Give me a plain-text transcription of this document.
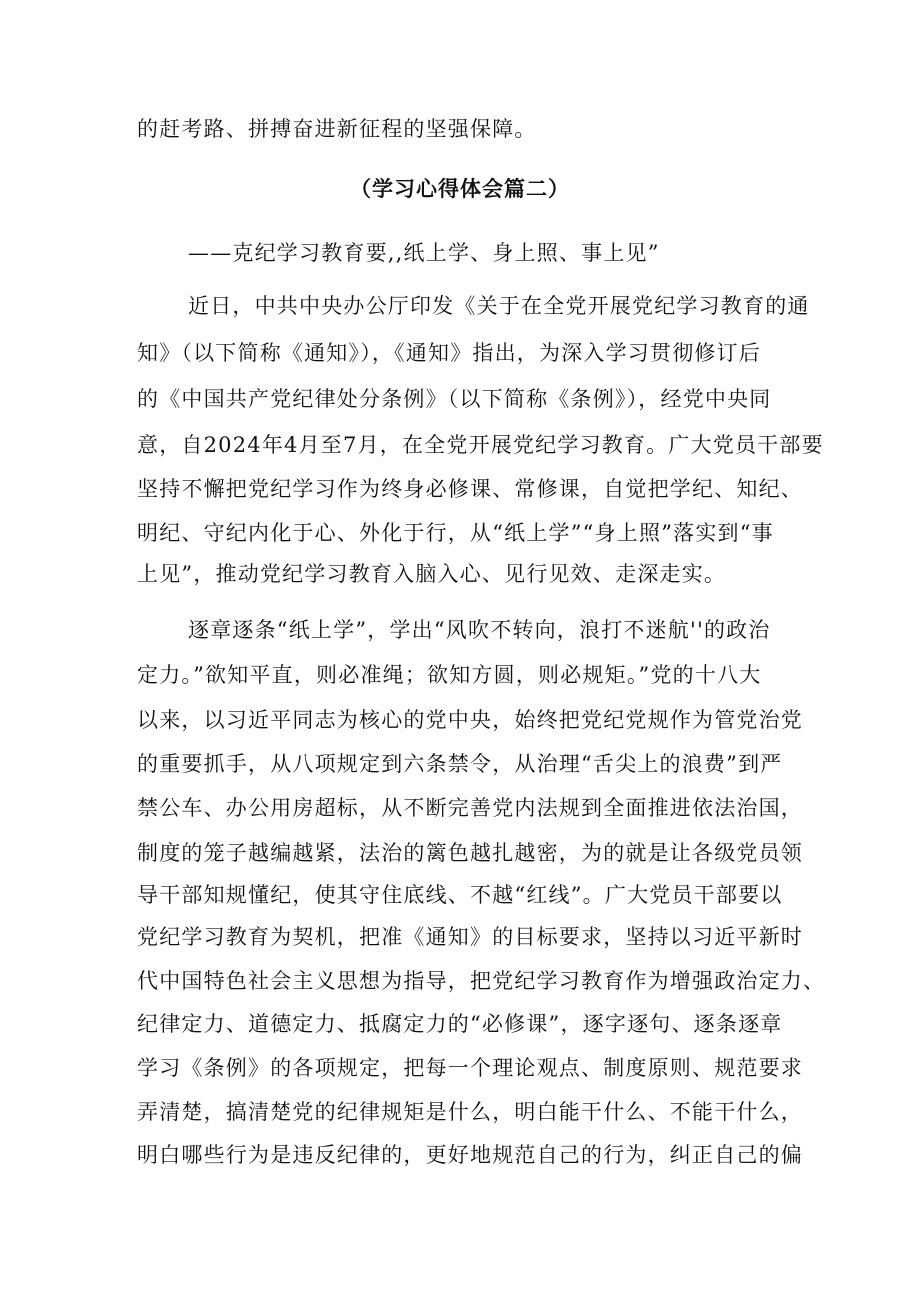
的赶考路、拼搏奋进新征程的坚强保障。
（学习心得体会篇二）
——克纪学习教育要,,纸上学、身上照、事上见”
近日，中共中央办公厅印发《关于在全党开展党纪学习教育的通
知》（以下简称《通知》），《通知》指出，为深入学习贯彻修订后
的《中国共产党纪律处分条例》（以下简称《条例》），经党中央同
意，自2024年4月至7月，在全党开展党纪学习教育。广大党员干部要
坚持不懈把党纪学习作为终身必修课、常修课，自觉把学纪、知纪、
明纪、守纪内化于心、外化于行，从“纸上学”“身上照”落实到“事
上见”，推动党纪学习教育入脑入心、见行见效、走深走实。
逐章逐条“纸上学”，学出“风吹不转向，浪打不迷航''的政治
定力。”欲知平直，则必准绳；欲知方圆，则必规矩。”党的十八大
以来，以习近平同志为核心的党中央，始终把党纪党规作为管党治党
的重要抓手，从八项规定到六条禁令，从治理“舌尖上的浪费”到严
禁公车、办公用房超标，从不断完善党内法规到全面推进依法治国，
制度的笼子越编越紧，法治的篱色越扎越密，为的就是让各级党员领
导干部知规懂纪，使其守住底线、不越“红线”。广大党员干部要以
党纪学习教育为契机，把准《通知》的目标要求，坚持以习近平新时
代中国特色社会主义思想为指导，把党纪学习教育作为增强政治定力、
纪律定力、道德定力、抵腐定力的“必修课”，逐字逐句、逐条逐章
学习《条例》的各项规定，把每一个理论观点、制度原则、规范要求
弄清楚，搞清楚党的纪律规矩是什么，明白能干什么、不能干什么，
明白哪些行为是违反纪律的，更好地规范自己的行为，纠正自己的偏
